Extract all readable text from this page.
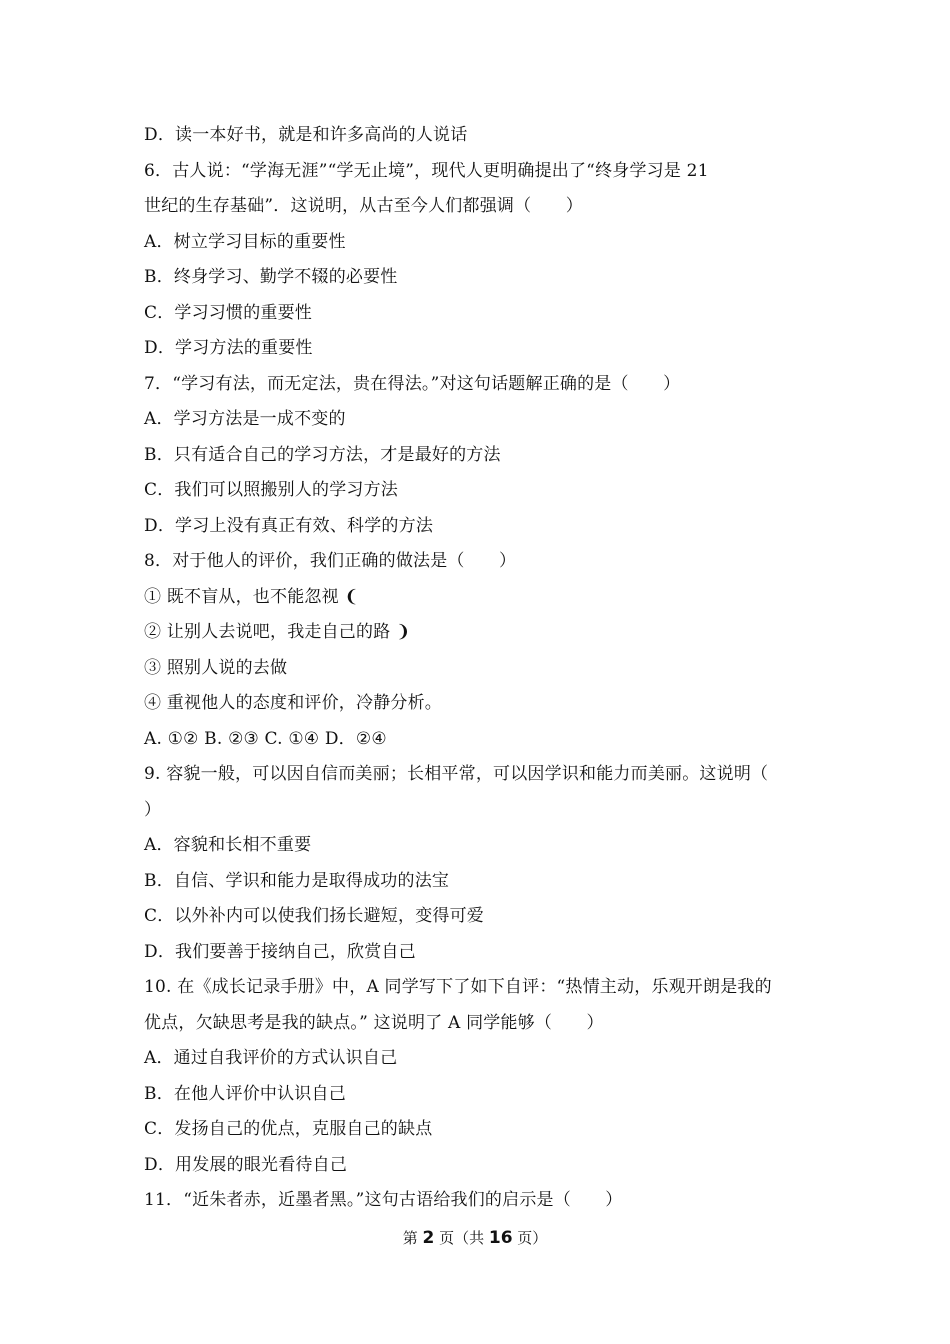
D．读一本好书，就是和许多高尚的人说话
6．古人说：“学海无涯”“学无止境”，现代人更明确提出了“终身学习是 21
世纪的生存基础”．这说明，从古至今人们都强调（　　）
A．树立学习目标的重要性
B．终身学习、勤学不辍的必要性
C．学习习惯的重要性
D．学习方法的重要性
7．“学习有法，而无定法，贵在得法。”对这句话题解正确的是（　　）
A．学习方法是一成不变的
B．只有适合自己的学习方法，才是最好的方法
C．我们可以照搬别人的学习方法
D．学习上没有真正有效、科学的方法
8．对于他人的评价，我们正确的做法是（　　）
① 既不盲从，也不能忽视 ❨
② 让别人去说吧，我走自己的路 ❩
③ 照别人说的去做
④ 重视他人的态度和评价，冷静分析。
A. ①② B. ②③ C. ①④ D．②④
9. 容貌一般，可以因自信而美丽；长相平常，可以因学识和能力而美丽。这说明（
）
A．容貌和长相不重要
B．自信、学识和能力是取得成功的法宝
C．以外补内可以使我们扬长避短，变得可爱
D．我们要善于接纳自己，欣赏自己
10. 在《成长记录手册》中，A 同学写下了如下自评：“热情主动，乐观开朗是我的
优点，欠缺思考是我的缺点。” 这说明了 A 同学能够（　　）
A．通过自我评价的方式认识自己
B．在他人评价中认识自己
C．发扬自己的优点，克服自己的缺点
D．用发展的眼光看待自己
11．“近朱者赤，近墨者黑。”这句古语给我们的启示是（　　）
第 2 页（共 16 页）
